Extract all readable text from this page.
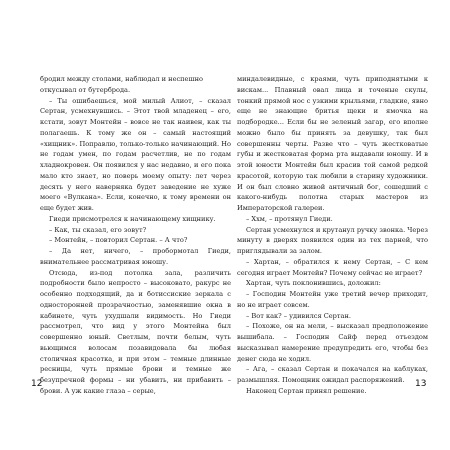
бродил между столами, наблюдал и неспешно

откусывал от бутерброда.

– Ты ошибаешься, мой милый Алиот, – сказал Сертан, усмехнувшись. – Этот твой младенец – его, кстати, зовут Монтейн – вовсе не так наивен, как ты полагаешь. К тому же он – самый настоящий «хищник». Поправлю, только-только начинающий. Но не годам умен, по годам расчетлив, не по годам хладнокровен. Он появился у нас недавно, и его пока мало кто знает, но поверь моему опыту: лет через десять у него наверняка будет заведение не хуже моего «Вулкана». Если, конечно, к тому времени он еще будет жив.

Гиеди присмотрелся к начинающему хищнику.

– Как, ты сказал, его зовут?

– Монтейн, – повторил Сертан. – А что?

– Да нет, ничего, – пробормотал Гиеди, внимательнее рассматривая юношу.

Отсюда, из-под потолка зала, различить подробности было непросто – высоковато, ракурс не особенно подходящий, да и ботиссиские зеркала с односторонней прозрачностью, заменявшие окна в кабинете, чуть ухудшали видимость. Но Гиеди рассмотрел, что вид у этого Монтейна был совершенно юный. Светлым, почти белым, чуть вьющимся волосам позавидовала бы любая столичная красотка, и при этом – темные длинные ресницы, чуть прямые брови и темные же безупречной формы – ни убавить, ни прибавить – брови. А уж какие глаза – серые,

миндалевидные, с краями, чуть приподнятыми к вискам... Плавный овал лица и точеные скулы, тонкий прямой нос с узкими крыльями, гладкие, явно еще не знающие бритья щеки и ямочка на подбородке... Если бы не зеленый загар, его вполне можно было бы принять за девушку, так был совершенны черты. Разве что – чуть жестковатые губы и жестковатая форма рта выдавали юношу. И в этой юности Монтейн был красив той самой редкой красотой, которую так любили в старину художники. И он был словно живой античный бог, сошедший с какого-нибудь полотна старых мастеров из Императорской галереи.

– Ххм, – протянул Гиеди.

Сертан усмехнулся и крутанул ручку звонка. Через минуту в дверях появился один из тех парней, что приглядывали за залом.

– Хартан, – обратился к нему Сертан, – С кем сегодня играет Монтейн? Почему сейчас не играет?

Хартан, чуть поклонившись, доложил:

– Господин Монтейн уже третий вечер приходит, но не играет совсем.

– Вот как? – удивился Сертан.

– Похоже, он на мели, – высказал предположение вышибала. – Господин Сайф перед отъездом высказывал намерение предупредить его, чтобы без денег сюда не ходил.

– Ага, – сказал Сертан и покачался на каблуках, размышляя. Помощник ожидал распоряжений.

Наконец Сертан принял решение.

12	13
